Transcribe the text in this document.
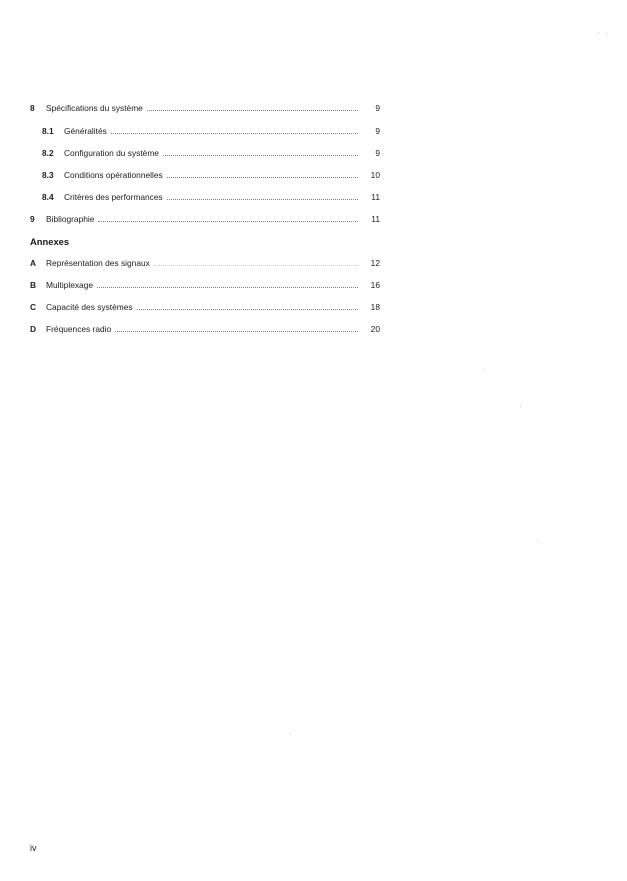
8	Spécifications du système	9
8.1	Généralités	9
8.2	Configuration du système	9
8.3	Conditions opérationnelles	10
8.4	Critères des performances	11
9	Bibliographie	11
Annexes
A	Représentation des signaux	12
B	Multiplexage	16
C	Capacité des systèmes	18
D	Fréquences radio	20
iv
